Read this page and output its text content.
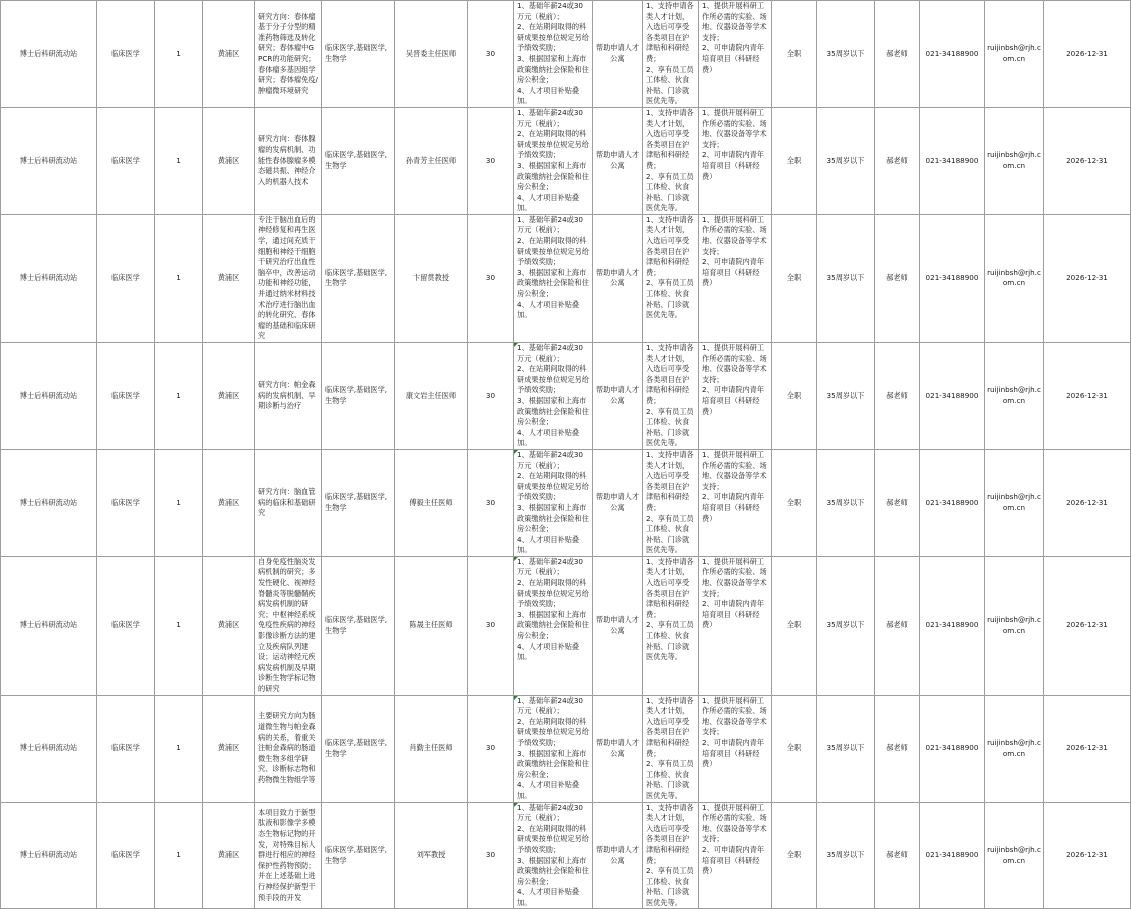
博士后科研流动站	临床医学	1	黄浦区	研究方向：春体瘤基于分子分型的精准药物筛选及转化研究；春体瘤中GPCR的功能研究；春体瘤多基因组学研究；春体瘤免疫/肿瘤微环境研究	临床医学,基础医学,生物学	吴晋委主任医师	30	1、基础年薪24或30万元（税前）；
2、在站期间取得的科研成果按单位规定另给予绩效奖励；
3、根据国家和上海市政策缴纳社会保险和住房公积金；
4、人才项目补贴叠加。	帮助申请人才公寓	1、支持申请各类人才计划，入选后可享受各类项目在沪津贴和科研经费；
2、享有员工员工体检、伙食补贴、门诊就医优先等。	1、提供开展科研工作所必需的实验、场地、仪器设备等学术支持；
2、可申请院内青年培育项目（科研经费）	全职	35周岁以下	郝老师	021-34188900	ruijinbsh@rjh.com.cn	2026-12-31
博士后科研流动站	临床医学	1	黄浦区	研究方向：春体腺瘤的发病机制、功能性春体腺瘤多模态磁共振、神经介入的机器人技术	临床医学,基础医学,生物学	孙青芳主任医师	30	1、基础年薪24或30万元（税前）；
2、在站期间取得的科研成果按单位规定另给予绩效奖励；
3、根据国家和上海市政策缴纳社会保险和住房公积金；
4、人才项目补贴叠加。	帮助申请人才公寓	1、支持申请各类人才计划，入选后可享受各类项目在沪津贴和科研经费；
2、享有员工员工体检、伙食补贴、门诊就医优先等。	1、提供开展科研工作所必需的实验、场地、仪器设备等学术支持；
2、可申请院内青年培育项目（科研经费）	全职	35周岁以下	郝老师	021-34188900	ruijinbsh@rjh.com.cn	2026-12-31
博士后科研流动站	临床医学	1	黄浦区	专注于脑出血后的神经修复和再生医学，通过间充质干细胞和神经干细胞干研究治疗出血性脑卒中，改善运动功能和神经功能，并通过纳米材料技术治疗进行脑出血的转化研究、春体瘤的基础和临床研究	临床医学,基础医学,生物学	卞留贯教授	30	1、基础年薪24或30万元（税前）；
2、在站期间取得的科研成果按单位规定另给予绩效奖励；
3、根据国家和上海市政策缴纳社会保险和住房公积金；
4、人才项目补贴叠加。	帮助申请人才公寓	1、支持申请各类人才计划，入选后可享受各类项目在沪津贴和科研经费；
2、享有员工员工体检、伙食补贴、门诊就医优先等。	1、提供开展科研工作所必需的实验、场地、仪器设备等学术支持；
2、可申请院内青年培育项目（科研经费）	全职	35周岁以下	郝老师	021-34188900	ruijinbsh@rjh.com.cn	2026-12-31
博士后科研流动站	临床医学	1	黄浦区	研究方向：帕金森病的发病机制、早期诊断与治疗	临床医学,基础医学,生物学	康文岩主任医师	30	1、基础年薪24或30万元（税前）；
2、在站期间取得的科研成果按单位规定另给予绩效奖励；
3、根据国家和上海市政策缴纳社会保险和住房公积金；
4、人才项目补贴叠加。	帮助申请人才公寓	1、支持申请各类人才计划，入选后可享受各类项目在沪津贴和科研经费；
2、享有员工员工体检、伙食补贴、门诊就医优先等。	1、提供开展科研工作所必需的实验、场地、仪器设备等学术支持；
2、可申请院内青年培育项目（科研经费）	全职	35周岁以下	郝老师	021-34188900	ruijinbsh@rjh.com.cn	2026-12-31
博士后科研流动站	临床医学	1	黄浦区	研究方向：脑血管病的临床和基础研究	临床医学,基础医学,生物学	傅毅主任医师	30	1、基础年薪24或30万元（税前）；
2、在站期间取得的科研成果按单位规定另给予绩效奖励；
3、根据国家和上海市政策缴纳社会保险和住房公积金；
4、人才项目补贴叠加。	帮助申请人才公寓	1、支持申请各类人才计划，入选后可享受各类项目在沪津贴和科研经费；
2、享有员工员工体检、伙食补贴、门诊就医优先等。	1、提供开展科研工作所必需的实验、场地、仪器设备等学术支持；
2、可申请院内青年培育项目（科研经费）	全职	35周岁以下	郝老师	021-34188900	ruijinbsh@rjh.com.cn	2026-12-31
博士后科研流动站	临床医学	1	黄浦区	自身免疫性脑炎发病机制的研究；多发性硬化、视神经脊髓炎等脱髓鞘疾病发病机制的研究；中枢神经系统免疫性疾病的神经影像诊断方法的建立及疾病队列建设；运动神经元疾病发病机制及早期诊断生物学标记物的研究	临床医学,基础医学,生物学	陈晟主任医师	30	1、基础年薪24或30万元（税前）；
2、在站期间取得的科研成果按单位规定另给予绩效奖励；
3、根据国家和上海市政策缴纳社会保险和住房公积金；
4、人才项目补贴叠加。	帮助申请人才公寓	1、支持申请各类人才计划，入选后可享受各类项目在沪津贴和科研经费；
2、享有员工员工体检、伙食补贴、门诊就医优先等。	1、提供开展科研工作所必需的实验、场地、仪器设备等学术支持；
2、可申请院内青年培育项目（科研经费）	全职	35周岁以下	郝老师	021-34188900	ruijinbsh@rjh.com.cn	2026-12-31
博士后科研流动站	临床医学	1	黄浦区	主要研究方向为肠道微生物与帕金森病的关系，着重关注帕金森病的肠道微生物多组学研究、诊断标志物和药物微生物组学等	临床医学,基础医学,生物学	肖勤主任医师	30	1、基础年薪24或30万元（税前）；
2、在站期间取得的科研成果按单位规定另给予绩效奖励；
3、根据国家和上海市政策缴纳社会保险和住房公积金；
4、人才项目补贴叠加。	帮助申请人才公寓	1、支持申请各类人才计划，入选后可享受各类项目在沪津贴和科研经费；
2、享有员工员工体检、伙食补贴、门诊就医优先等。	1、提供开展科研工作所必需的实验、场地、仪器设备等学术支持；
2、可申请院内青年培育项目（科研经费）	全职	35周岁以下	郝老师	021-34188900	ruijinbsh@rjh.com.cn	2026-12-31
博士后科研流动站	临床医学	1	黄浦区	本项目致力于新型肽液和影像学多模态生物标记物的开发，对特殊目标人群进行相应的神经保护性药物预防；并在上述基础上进行神经保护新型干预手段的开发	临床医学,基础医学,生物学	刘军教授	30	1、基础年薪24或30万元（税前）；
2、在站期间取得的科研成果按单位规定另给予绩效奖励；
3、根据国家和上海市政策缴纳社会保险和住房公积金；
4、人才项目补贴叠加。	帮助申请人才公寓	1、支持申请各类人才计划，入选后可享受各类项目在沪津贴和科研经费；
2、享有员工员工体检、伙食补贴、门诊就医优先等。	1、提供开展科研工作所必需的实验、场地、仪器设备等学术支持；
2、可申请院内青年培育项目（科研经费）	全职	35周岁以下	郝老师	021-34188900	ruijinbsh@rjh.com.cn	2026-12-31
